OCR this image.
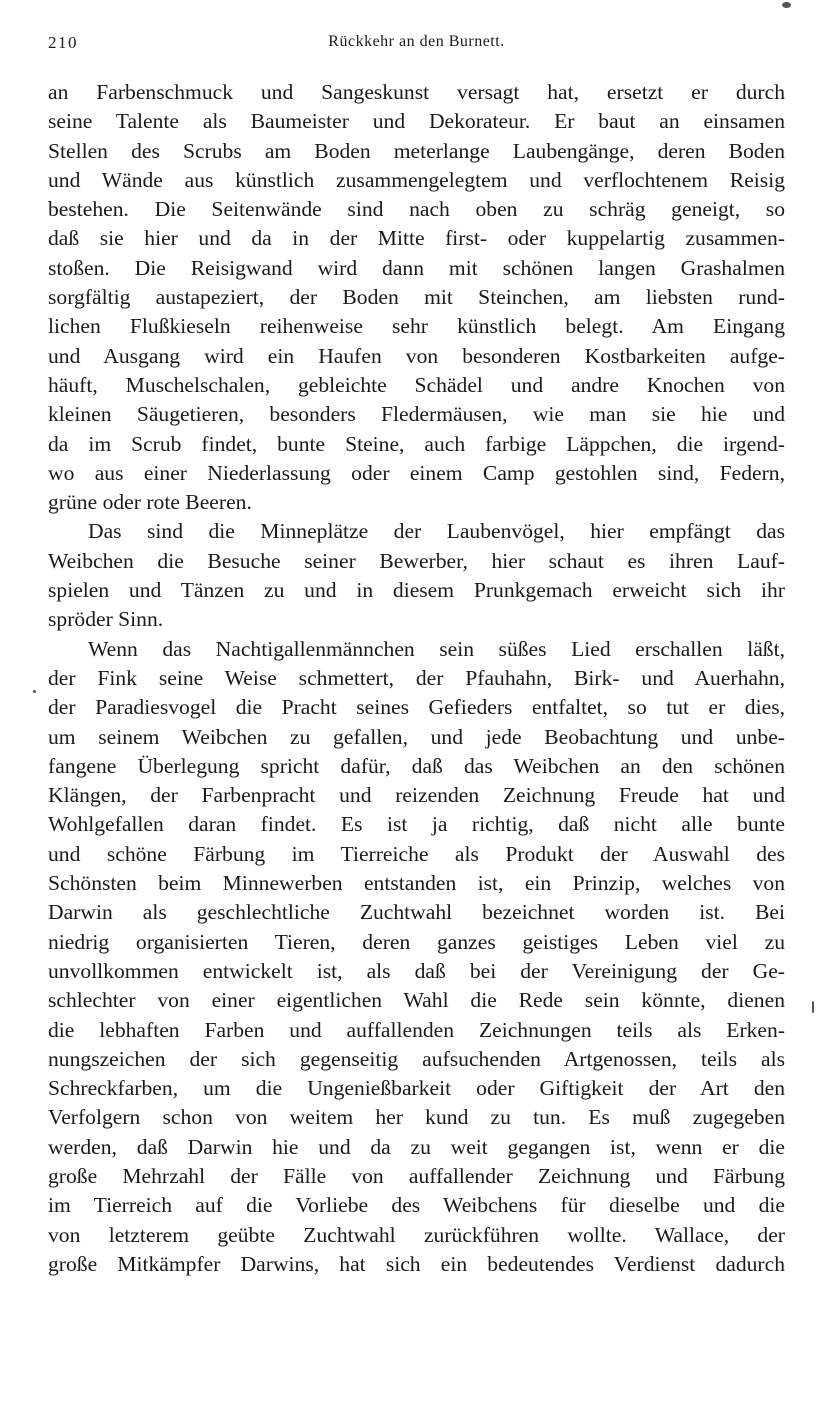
210	Rückkehr an den Burnett.
an Farbenschmuck und Sangeskunst versagt hat, ersetzt er durch
seine Talente als Baumeister und Dekorateur. Er baut an einsamen
Stellen des Scrubs am Boden meterlange Laubengänge, deren Boden
und Wände aus künstlich zusammengelegtem und verflochtenem Reisig
bestehen. Die Seitenwände sind nach oben zu schräg geneigt, so
daß sie hier und da in der Mitte first- oder kuppelartig zusammen-
stoßen. Die Reisigwand wird dann mit schönen langen Grashalmen
sorgfältig austapeziert, der Boden mit Steinchen, am liebsten rund-
lichen Flußkieseln reihenweise sehr künstlich belegt. Am Eingang
und Ausgang wird ein Haufen von besonderen Kostbarkeiten aufge-
häuft, Muschelschalen, gebleichte Schädel und andre Knochen von
kleinen Säugetieren, besonders Fledermäusen, wie man sie hie und
da im Scrub findet, bunte Steine, auch farbige Läppchen, die irgend-
wo aus einer Niederlassung oder einem Camp gestohlen sind, Federn,
grüne oder rote Beeren.
Das sind die Minneplätze der Laubenvögel, hier empfängt das
Weibchen die Besuche seiner Bewerber, hier schaut es ihren Lauf-
spielen und Tänzen zu und in diesem Prunkgemach erweicht sich ihr
spröder Sinn.
Wenn das Nachtigallenmännchen sein süßes Lied erschallen läßt,
der Fink seine Weise schmettert, der Pfauhahn, Birk- und Auerhahn,
der Paradiesvogel die Pracht seines Gefieders entfaltet, so tut er dies,
um seinem Weibchen zu gefallen, und jede Beobachtung und unbe-
fangene Überlegung spricht dafür, daß das Weibchen an den schönen
Klängen, der Farbenpracht und reizenden Zeichnung Freude hat und
Wohlgefallen daran findet. Es ist ja richtig, daß nicht alle bunte
und schöne Färbung im Tierreiche als Produkt der Auswahl des
Schönsten beim Minnewerben entstanden ist, ein Prinzip, welches von
Darwin als geschlechtliche Zuchtwahl bezeichnet worden ist. Bei
niedrig organisierten Tieren, deren ganzes geistiges Leben viel zu
unvollkommen entwickelt ist, als daß bei der Vereinigung der Ge-
schlechter von einer eigentlichen Wahl die Rede sein könnte, dienen
die lebhaften Farben und auffallenden Zeichnungen teils als Erken-
nungszeichen der sich gegenseitig aufsuchenden Artgenossen, teils als
Schreckfarben, um die Ungenießbarkeit oder Giftigkeit der Art den
Verfolgern schon von weitem her kund zu tun. Es muß zugegeben
werden, daß Darwin hie und da zu weit gegangen ist, wenn er die
große Mehrzahl der Fälle von auffallender Zeichnung und Färbung
im Tierreich auf die Vorliebe des Weibchens für dieselbe und die
von letzterem geübte Zuchtwahl zurückführen wollte. Wallace, der
große Mitkämpfer Darwins, hat sich ein bedeutendes Verdienst dadurch
